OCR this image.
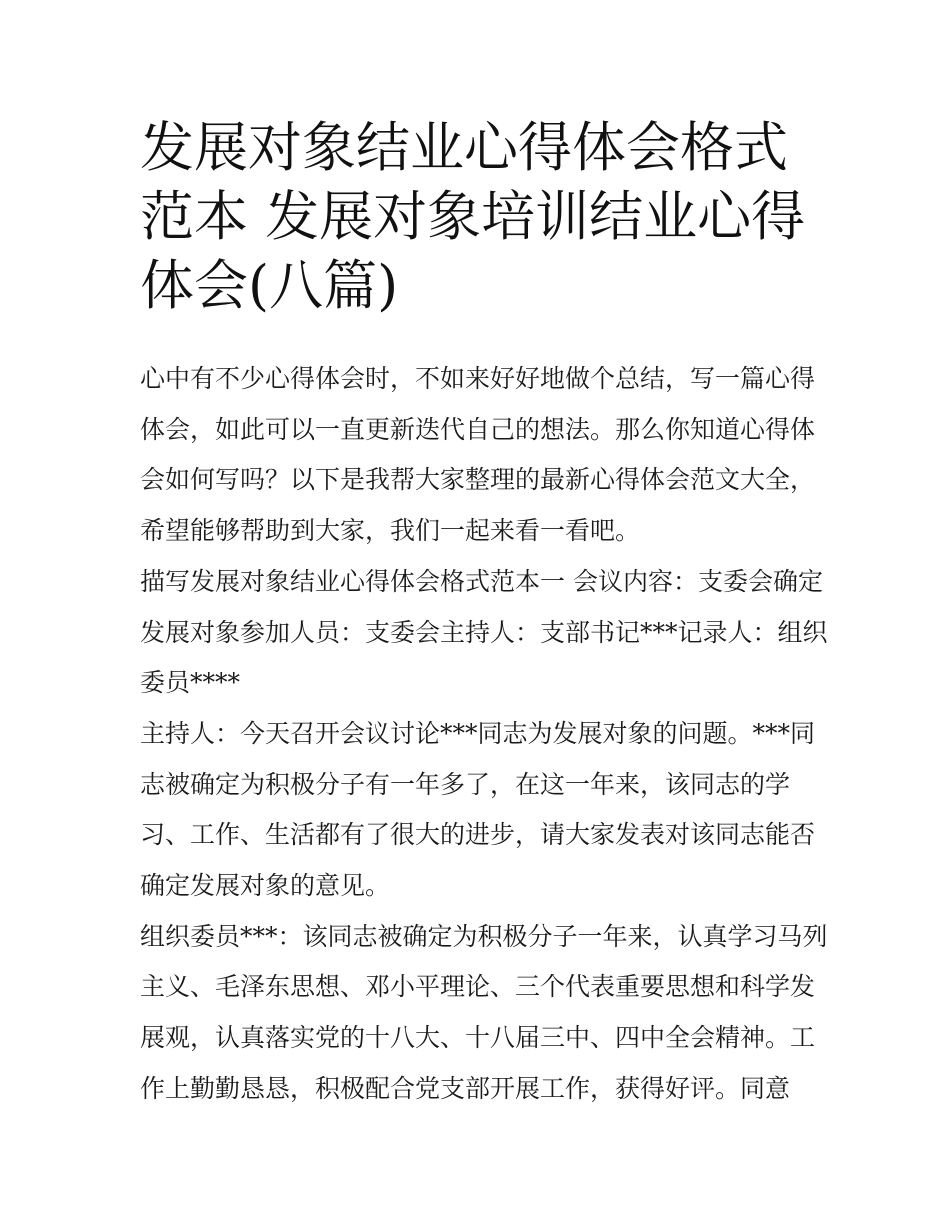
发展对象结业心得体会格式范本 发展对象培训结业心得体会(八篇)

心中有不少心得体会时，不如来好好地做个总结，写一篇心得体会，如此可以一直更新迭代自己的想法。那么你知道心得体会如何写吗？以下是我帮大家整理的最新心得体会范文大全，希望能够帮助到大家，我们一起来看一看吧。

描写发展对象结业心得体会格式范本一 会议内容：支委会确定发展对象参加人员：支委会主持人：支部书记***记录人：组织委员****

主持人：今天召开会议讨论***同志为发展对象的问题。***同志被确定为积极分子有一年多了，在这一年来，该同志的学习、工作、生活都有了很大的进步，请大家发表对该同志能否确定发展对象的意见。

组织委员***：该同志被确定为积极分子一年来，认真学习马列主义、毛泽东思想、邓小平理论、三个代表重要思想和科学发展观，认真落实党的十八大、十八届三中、四中全会精神。工作上勤勤恳恳，积极配合党支部开展工作，获得好评。同意
